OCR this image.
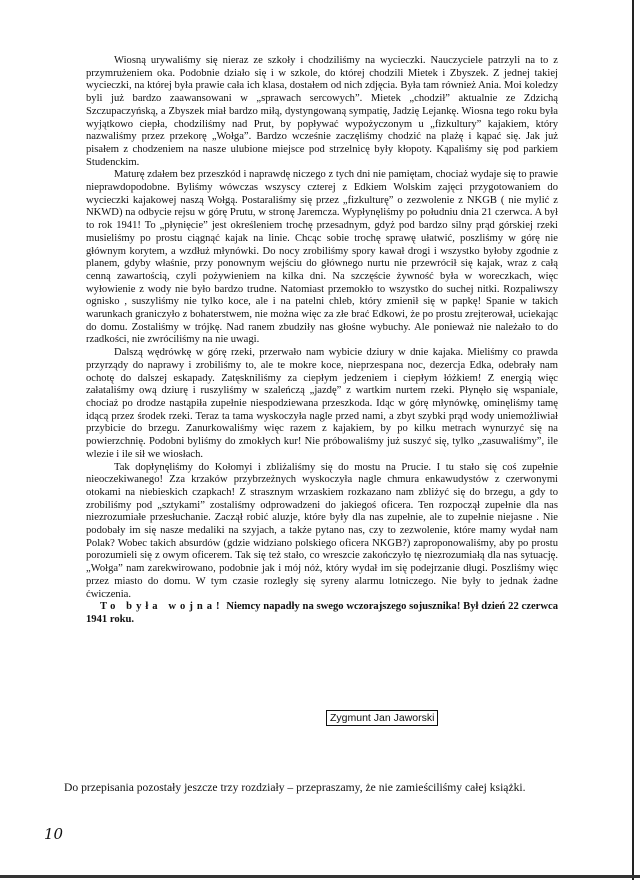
Wiosną urywaliśmy się nieraz ze szkoły i chodziliśmy na wycieczki. Nauczyciele patrzyli na to z przymrużeniem oka. Podobnie działo się i w szkole, do której chodzili Mietek i Zbyszek. Z jednej takiej wycieczki, na której była prawie cała ich klasa, dostałem od nich zdjęcia. Była tam również Ania. Moi koledzy byli już bardzo zaawansowani w „sprawach sercowych”. Mietek „chodził” aktualnie ze Zdzichą Szczupaczyńską, a Zbyszek miał bardzo miłą, dystyngowaną sympatię, Jadzię Lejankę. Wiosna tego roku była wyjątkowo ciepła, chodziliśmy nad Prut, by popływać wypożyczonym u „fizkultury” kajakiem, który nazwaliśmy przez przekorę „Wołga”. Bardzo wcześnie zaczęliśmy chodzić na plażę i kąpać się. Jak już pisałem z chodzeniem na nasze ulubione miejsce pod strzelnicę były kłopoty. Kąpaliśmy się pod parkiem Studenckim.

Maturę zdałem bez przeszkód i naprawdę niczego z tych dni nie pamiętam, chociaż wydaje się to prawie nieprawdopodobne. Byliśmy wówczas wszyscy czterej z Edkiem Wolskim zajęci przygotowaniem do wycieczki kajakowej naszą Wołgą. Postaraliśmy się przez „fizkulturę” o zezwolenie z NKGB ( nie mylić z NKWD) na odbycie rejsu w górę Prutu, w stronę Jaremcza. Wypłynęliśmy po południu dnia 21 czerwca. A był to rok 1941! To „płynięcie” jest określeniem trochę przesadnym, gdyż pod bardzo silny prąd górskiej rzeki musieliśmy po prostu ciągnąć kajak na linie. Chcąc sobie trochę sprawę ułatwić, poszliśmy w górę nie głównym korytem, a wzdłuż młynówki. Do nocy zrobiliśmy spory kawał drogi i wszystko byłoby zgodnie z planem, gdyby właśnie, przy ponownym wejściu do głównego nurtu nie przewrócił się kajak, wraz z całą cenną zawartością, czyli pożywieniem na kilka dni. Na szczęście żywność była w woreczkach, więc wyłowienie z wody nie było bardzo trudne. Natomiast przemokło to wszystko do suchej nitki. Rozpaliwszy ognisko , suszyliśmy nie tylko koce, ale i na patelni chleb, który zmienił się w papkę! Spanie w takich warunkach graniczyło z bohaterstwem, nie można więc za złe brać Edkowi, że po prostu zrejterował, uciekając do domu. Zostaliśmy w trójkę. Nad ranem zbudziły nas głośne wybuchy. Ale ponieważ nie należało to do rzadkości, nie zwróciliśmy na nie uwagi.

Dalszą wędrówkę w górę rzeki, przerwało nam wybicie dziury w dnie kajaka. Mieliśmy co prawda przyrządy do naprawy i zrobiliśmy to, ale te mokre koce, nieprzespana noc, dezercja Edka, odebrały nam ochotę do dalszej eskapady. Zatęskniliśmy za ciepłym jedzeniem i ciepłym łóżkiem! Z energią więc załataliśmy ową dziurę i ruszyliśmy w szaleńczą „jazdę” z wartkim nurtem rzeki. Płynęło się wspaniale, chociaż po drodze nastąpiła zupełnie niespodziewana przeszkoda. Idąc w górę młynówkę, ominęliśmy tamę idącą przez środek rzeki. Teraz ta tama wyskoczyła nagle przed nami, a zbyt szybki prąd wody uniemożliwiał przybicie do brzegu. Zanurkowaliśmy więc razem z kajakiem, by po kilku metrach wynurzyć się na powierzchnię. Podobni byliśmy do zmokłych kur! Nie próbowaliśmy już suszyć się, tylko „zasuwaliśmy”, ile wlezie i ile sił we wiosłach.

Tak dopłynęliśmy do Kołomyi i zbliżaliśmy się do mostu na Prucie. I tu stało się coś zupełnie nieoczekiwanego! Zza krzaków przybrzeżnych wyskoczyła nagle chmura enkawudystów z czerwonymi otokami na niebieskich czapkach! Z strasznym wrzaskiem rozkazano nam zbliżyć się do brzegu, a gdy to zrobiliśmy pod „sztykami” zostaliśmy odprowadzeni do jakiegoś oficera. Ten rozpoczął zupełnie dla nas niezrozumiałe przesłuchanie. Zaczął robić aluzje, które były dla nas zupełnie, ale to zupełnie niejasne . Nie podobały im się nasze medaliki na szyjach, a także pytano nas, czy to zezwolenie, które mamy wydał nam Polak? Wobec takich absurdów (gdzie widziano polskiego oficera NKGB?) zaproponowaliśmy, aby po prostu porozumieli się z owym oficerem. Tak się też stało, co wreszcie zakończyło tę niezrozumiałą dla nas sytuację. „Wołga” nam zarekwirowano, podobnie jak i mój nóż, który wydał im się podejrzanie długi. Poszliśmy więc przez miasto do domu. W tym czasie rozległy się syreny alarmu lotniczego. Nie były to jednak żadne ćwiczenia.

To była wojna! Niemcy napadły na swego wczorajszego sojusznika! Był dzień 22 czerwca 1941 roku.

Zygmunt Jan Jaworski
Do przepisania pozostały jeszcze trzy rozdziały – przepraszamy, że nie zamieściliśmy całej książki.
10
